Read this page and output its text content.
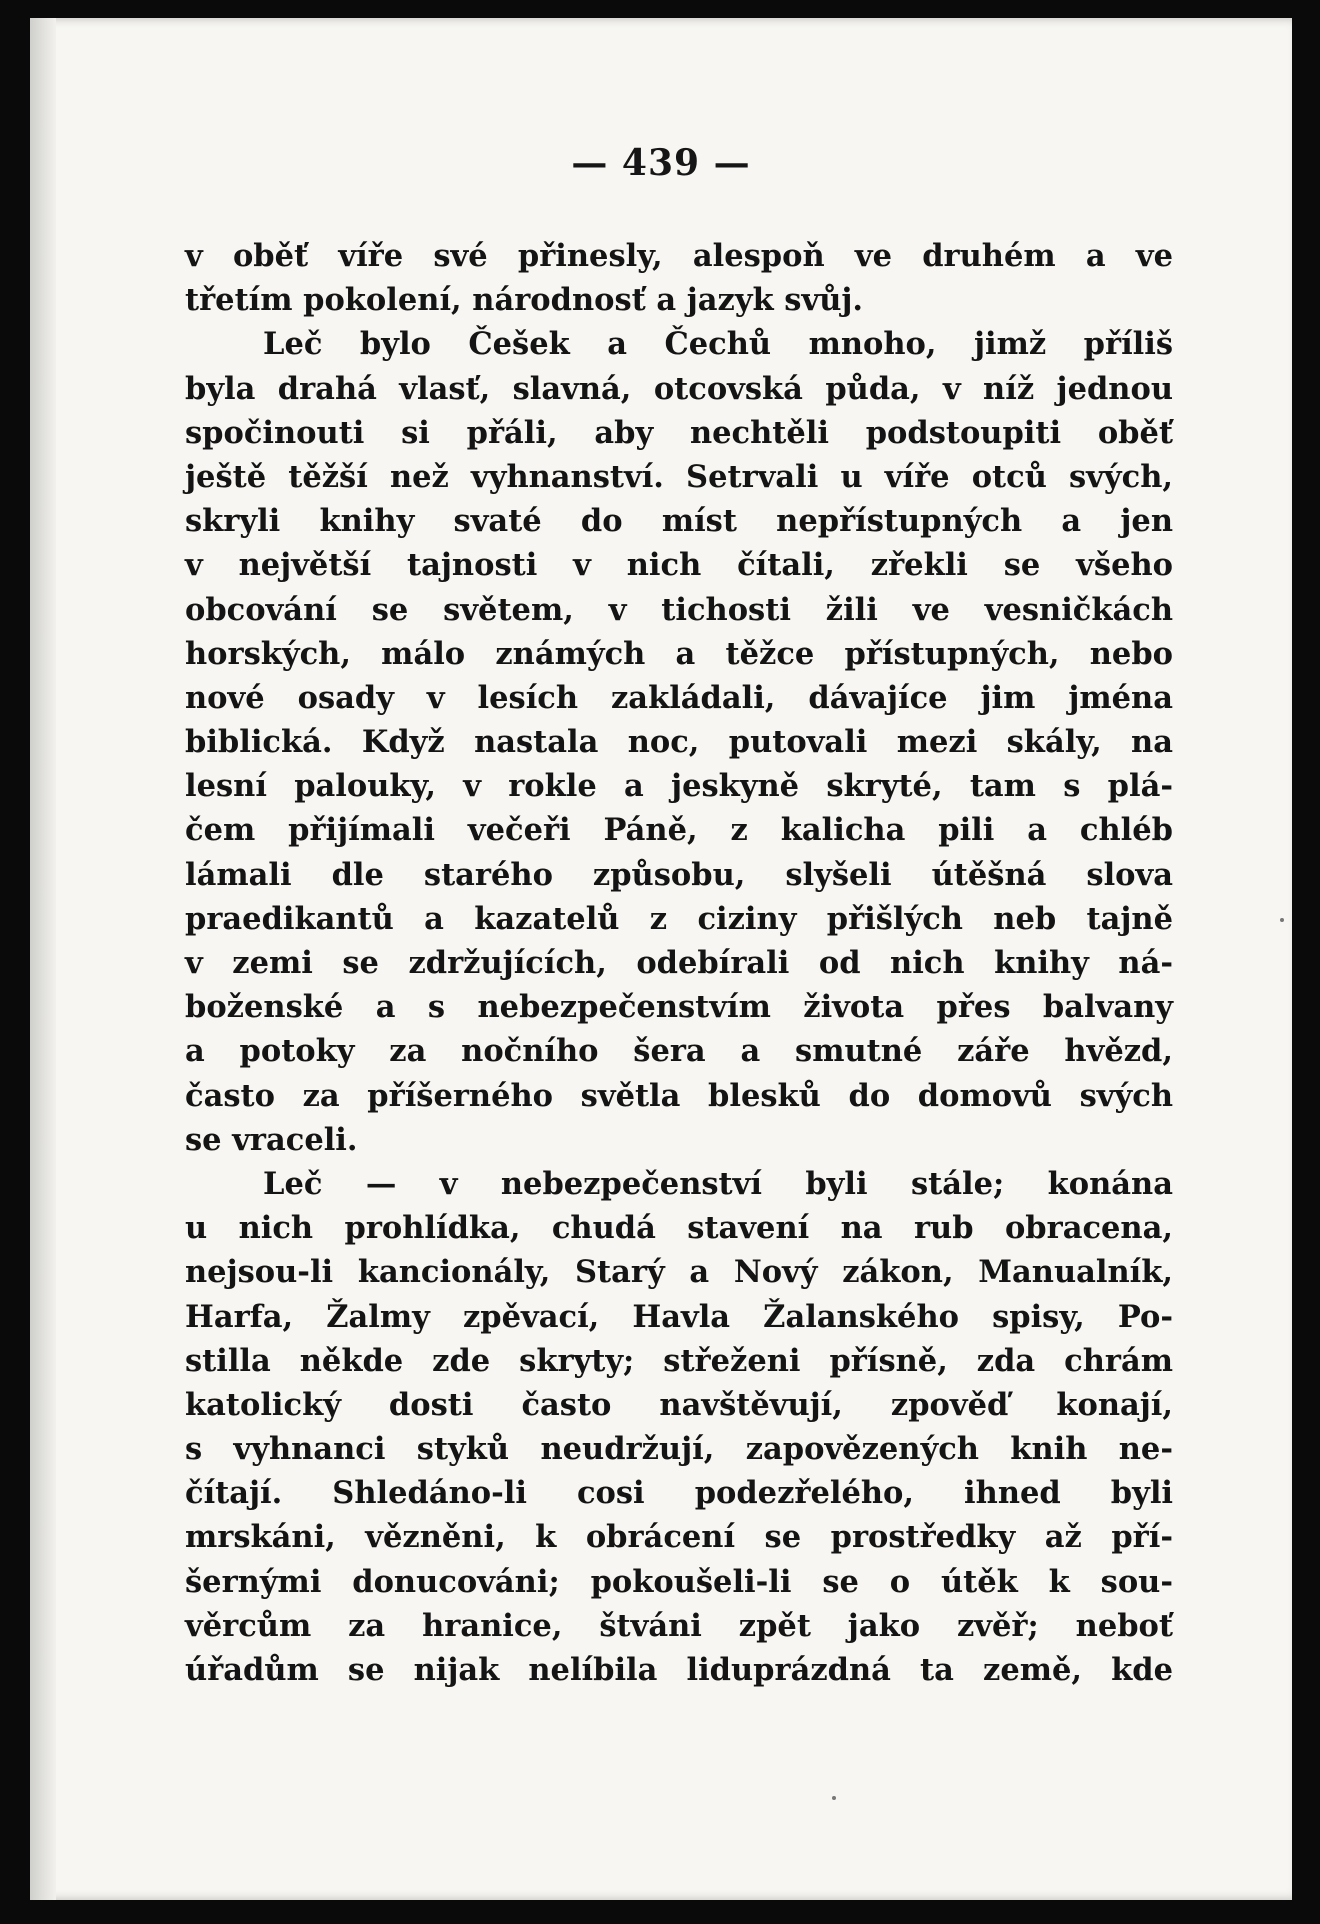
— 439 —
v oběť víře své přinesly, alespoň ve druhém a ve
třetím pokolení, národnosť a jazyk svůj.
Leč bylo Češek a Čechů mnoho, jimž příliš
byla drahá vlasť, slavná, otcovská půda, v níž jednou
spočinouti si přáli, aby nechtěli podstoupiti oběť
ještě těžší než vyhnanství. Setrvali u víře otců svých,
skryli knihy svaté do míst nepřístupných a jen
v největší tajnosti v nich čítali, zřekli se všeho
obcování se světem, v tichosti žili ve vesničkách
horských, málo známých a těžce přístupných, nebo
nové osady v lesích zakládali, dávajíce jim jména
biblická. Když nastala noc, putovali mezi skály, na
lesní palouky, v rokle a jeskyně skryté, tam s plá-
čem přijímali večeři Páně, z kalicha pili a chléb
lámali dle starého způsobu, slyšeli útěšná slova
praedikantů a kazatelů z ciziny přišlých neb tajně
v zemi se zdržujících, odebírali od nich knihy ná-
boženské a s nebezpečenstvím života přes balvany
a potoky za nočního šera a smutné záře hvězd,
často za příšerného světla blesků do domovů svých
se vraceli.
Leč — v nebezpečenství byli stále; konána
u nich prohlídka, chudá stavení na rub obracena,
nejsou-li kancionály, Starý a Nový zákon, Manualník,
Harfa, Žalmy zpěvací, Havla Žalanského spisy, Po-
stilla někde zde skryty; střeženi přísně, zda chrám
katolický dosti často navštěvují, zpověď konají,
s vyhnanci styků neudržují, zapovězených knih ne-
čítají. Shledáno-li cosi podezřelého, ihned byli
mrskáni, vězněni, k obrácení se prostředky až pří-
šernými donucováni; pokoušeli-li se o útěk k sou-
věrcům za hranice, štváni zpět jako zvěř; neboť
úřadům se nijak nelíbila liduprázdná ta země, kde
